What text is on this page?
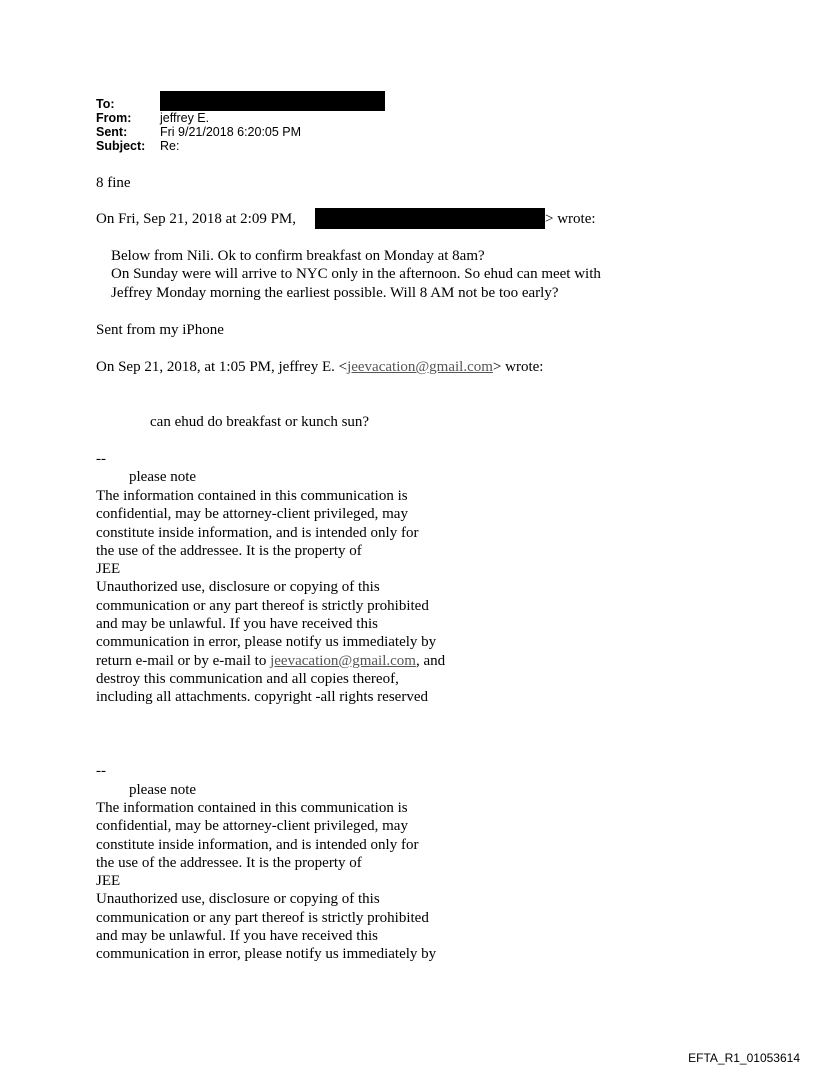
To:
From: jeffrey E.
Sent:	Fri 9/21/2018 6:20:05 PM
Subject: Re:
8 fine
On Fri, Sep 21, 2018 at 2:09 PM,	> wrote:
Below from Nili. Ok to confirm breakfast on Monday at 8am?
On Sunday were will arrive to NYC only in the afternoon. So ehud can meet with
Jeffrey Monday morning the earliest possible. Will 8 AM not be too early?
Sent from my iPhone
On Sep 21, 2018, at 1:05 PM, jeffrey E. <jeevacation@gmail.com> wrote:
can ehud do breakfast or kunch sun?
--
please note
The information contained in this communication is
confidential, may be attorney-client privileged, may
constitute inside information, and is intended only for
the use of the addressee. It is the property of
JEE
Unauthorized use, disclosure or copying of this
communication or any part thereof is strictly prohibited
and may be unlawful. If you have received this
communication in error, please notify us immediately by
return e-mail or by e-mail to jeevacation@gmail.com, and
destroy this communication and all copies thereof,
including all attachments. copyright -all rights reserved
--
please note
The information contained in this communication is
confidential, may be attorney-client privileged, may
constitute inside information, and is intended only for
the use of the addressee. It is the property of
JEE
Unauthorized use, disclosure or copying of this
communication or any part thereof is strictly prohibited
and may be unlawful. If you have received this
communication in error, please notify us immediately by
EFTA_R1_01053614
